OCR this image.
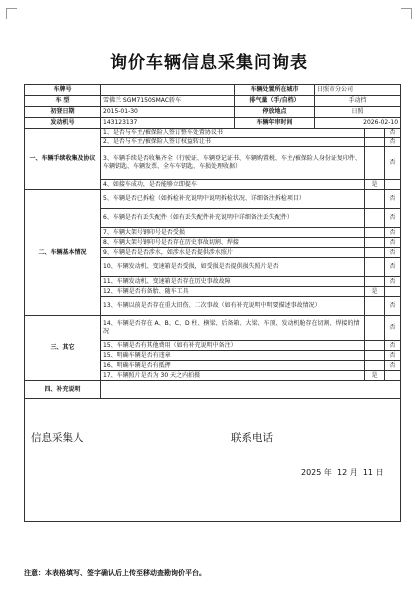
询价车辆信息采集问询表
车牌号		车辆处置所在城市	日照市分公司		
车 型	雪佛兰 SGM7150SMAC轿车	排气量（手/自档）	手动挡		
初登日期	2015-01-30	停放地点	日照		
发动机号	143123137	车辆年审时间	2026-02-10		
一、车辆手续收集及协议	1、是否与车主/被保险人签订整车处置协议书				否
	2、是否与车主/被保险人签订权益转让书				否
	3、车辆手续是否收集齐全（行驶证、车辆登记证书、车辆购置税、车主/被保险人身份证复印件、车辆钥匙、车辆发票、全车车钥匙、车损处理收据）				否
	4、如接车成功，是否能够立即提车			是	
二、车辆基本情况	5、车辆是否已拆检（如拆检补充说明中说明拆检状况、详细备注拆检项目）				否
	6、车辆是否有丢失配件（如有丢失配件补充说明中详细备注丢失配件）				否
	7、车辆大架号钢印号是否受损				否
	8、车辆大架号钢印号是否存在历史事故切割、焊接				否
	9、车辆是否是否涉水，如涉水是否提供涉水照片				否
	10、车辆发动机、变速箱是否受损，如受损是否提供损失照片是否				否
	11、车辆发动机、变速箱是否存在历史事故故障				否
	12、车辆是否有备胎、随车工具			是	
	13、车辆以前是否存在重大旧伤、二次事故（如有补充说明中明要描述事故情况）				否
三、其它	14、车辆是否存在 A、B、C、D 柱、横梁、后备箱、大梁、车顶、发动机舱存在切割、焊接的情况				否
	15、车辆是否有其他费用（如有补充说明中备注）				否
	15、明确车辆是否有违章				否
	16、明确车辆是否有抵押				否
	17、车辆照片是否为 30 天之内拍摄			是	
四、补充说明					

信息采集人 联系电话
2025 年 12 月 11 日					
注意：本表格填写、签字确认后上传至移动查勘询价平台。
